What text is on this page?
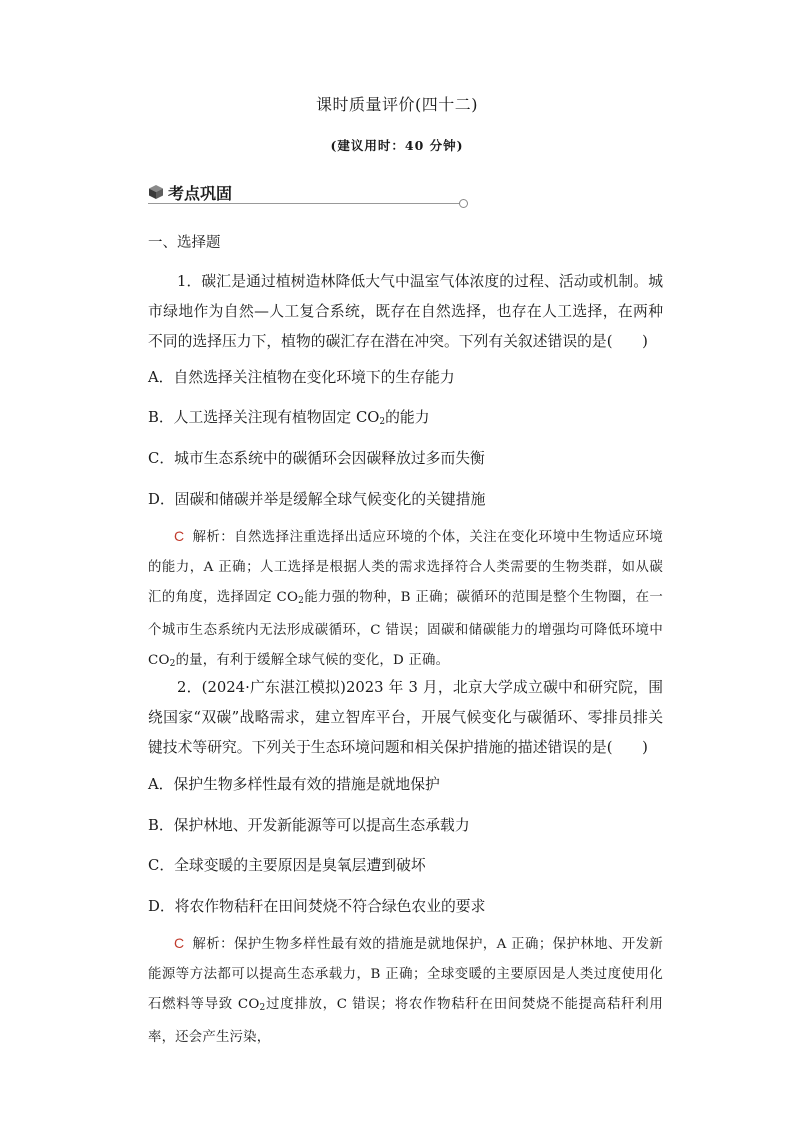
课时质量评价(四十二)
(建议用时：40 分钟)
考点巩固
一、选择题

1．碳汇是通过植树造林降低大气中温室气体浓度的过程、活动或机制。城市绿地作为自然—人工复合系统，既存在自然选择，也存在人工选择，在两种不同的选择压力下，植物的碳汇存在潜在冲突。下列有关叙述错误的是(　　)

A．自然选择关注植物在变化环境下的生存能力
B．人工选择关注现有植物固定 $CO_2$的能力
C．城市生态系统中的碳循环会因碳释放过多而失衡
D．固碳和储碳并举是缓解全球气候变化的关键措施

C 解析：自然选择注重选择出适应环境的个体，关注在变化环境中生物适应环境的能力，A 正确；人工选择是根据人类的需求选择符合人类需要的生物类群，如从碳汇的角度，选择固定 $CO_2$能力强的物种，B 正确；碳循环的范围是整个生物圈，在一个城市生态系统内无法形成碳循环，C 错误；固碳和储碳能力的增强均可降低环境中 $CO_2$的量，有利于缓解全球气候的变化，D 正确。

2．(2024·广东湛江模拟)2023 年 3 月，北京大学成立碳中和研究院，围绕国家“双碳”战略需求，建立智库平台，开展气候变化与碳循环、零排员排关键技术等研究。下列关于生态环境问题和相关保护措施的描述错误的是(　　)

A．保护生物多样性最有效的措施是就地保护
B．保护林地、开发新能源等可以提高生态承载力
C．全球变暖的主要原因是臭氧层遭到破坏
D．将农作物秸秆在田间焚烧不符合绿色农业的要求

C 解析：保护生物多样性最有效的措施是就地保护，A 正确；保护林地、开发新能源等方法都可以提高生态承载力，B 正确；全球变暖的主要原因是人类过度使用化石燃料等导致 $CO_2$过度排放，C 错误；将农作物秸秆在田间焚烧不能提高秸秆利用率，还会产生污染，
